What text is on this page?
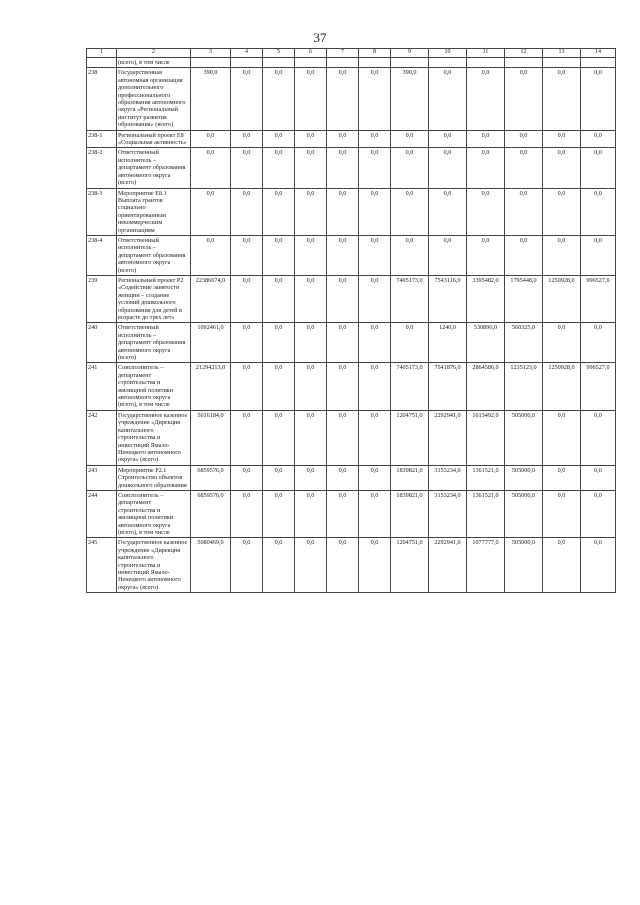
37
1	2	3	4	5	6	7	8	9	10	11	12	13	14
	(всего), в том числе												
238	Государственная автономная организация дополнительного профессионального образования автономного округа «Региональный институт развития образования» (всего)	390,0	0,0	0,0	0,0	0,0	0,0	390,0	0,0	0,0	0,0	0,0	0,0
238-1	Региональный проект Е8 «Социальная активность»	0,0	0,0	0,0	0,0	0,0	0,0	0,0	0,0	0,0	0,0	0,0	0,0
238-2	Ответственный исполнитель – департамент образования автономного округа (всего)	0,0	0,0	0,0	0,0	0,0	0,0	0,0	0,0	0,0	0,0	0,0	0,0
238-3	Мероприятие Е8.1 Выплата грантов социально ориентированным некоммерческим организациям	0,0	0,0	0,0	0,0	0,0	0,0	0,0	0,0	0,0	0,0	0,0	0,0
238-4	Ответственный исполнитель – департамент образования автономного округа (всего)	0,0	0,0	0,0	0,0	0,0	0,0	0,0	0,0	0,0	0,0	0,0	0,0
239	Региональный проект Р2 «Содействие занятости женщин – создание условий дошкольного образования для детей в возрасте до трех лет»	22386674,0	0,0	0,0	0,0	0,0	0,0	7405173,0	7543116,0	3395482,0	1795448,0	1250928,0	996527,0
240	Ответственный исполнитель – департамент образования автономного округа (всего)	1092461,0	0,0	0,0	0,0	0,0	0,0	0,0	1240,0	530896,0	560325,0	0,0	0,0
241	Соисполнитель – департамент строительства и жилищной политики автономного округа (всего), в том числе	21294213,0	0,0	0,0	0,0	0,0	0,0	7405173,0	7541876,0	2864586,0	1235123,0	1250928,0	996527,0
242	Государственное казенное учреждение «Дирекция капитального строительства и инвестиций Ямало-Ненецкого автономного округа» (всего)	5616184,0	0,0	0,0	0,0	0,0	0,0	1204751,0	2292941,0	1613492,0	505000,0	0,0	0,0
243	Мероприятие Р2.1 Строительство объектов дошкольного образования	6859576,0	0,0	0,0	0,0	0,0	0,0	1839821,0	3153234,0	1361521,0	505000,0	0,0	0,0
244	Соисполнитель – департамент строительства и жилищной политики автономного округа (всего), в том числе	6859576,0	0,0	0,0	0,0	0,0	0,0	1839821,0	3153234,0	1361521,0	505000,0	0,0	0,0
245	Государственное казенное учреждение «Дирекция капитального строительства и инвестиций Ямало-Ненецкого автономного округа» (всего)	5080469,0	0,0	0,0	0,0	0,0	0,0	1204751,0	2292941,0	1077777,0	505000,0	0,0	0,0
